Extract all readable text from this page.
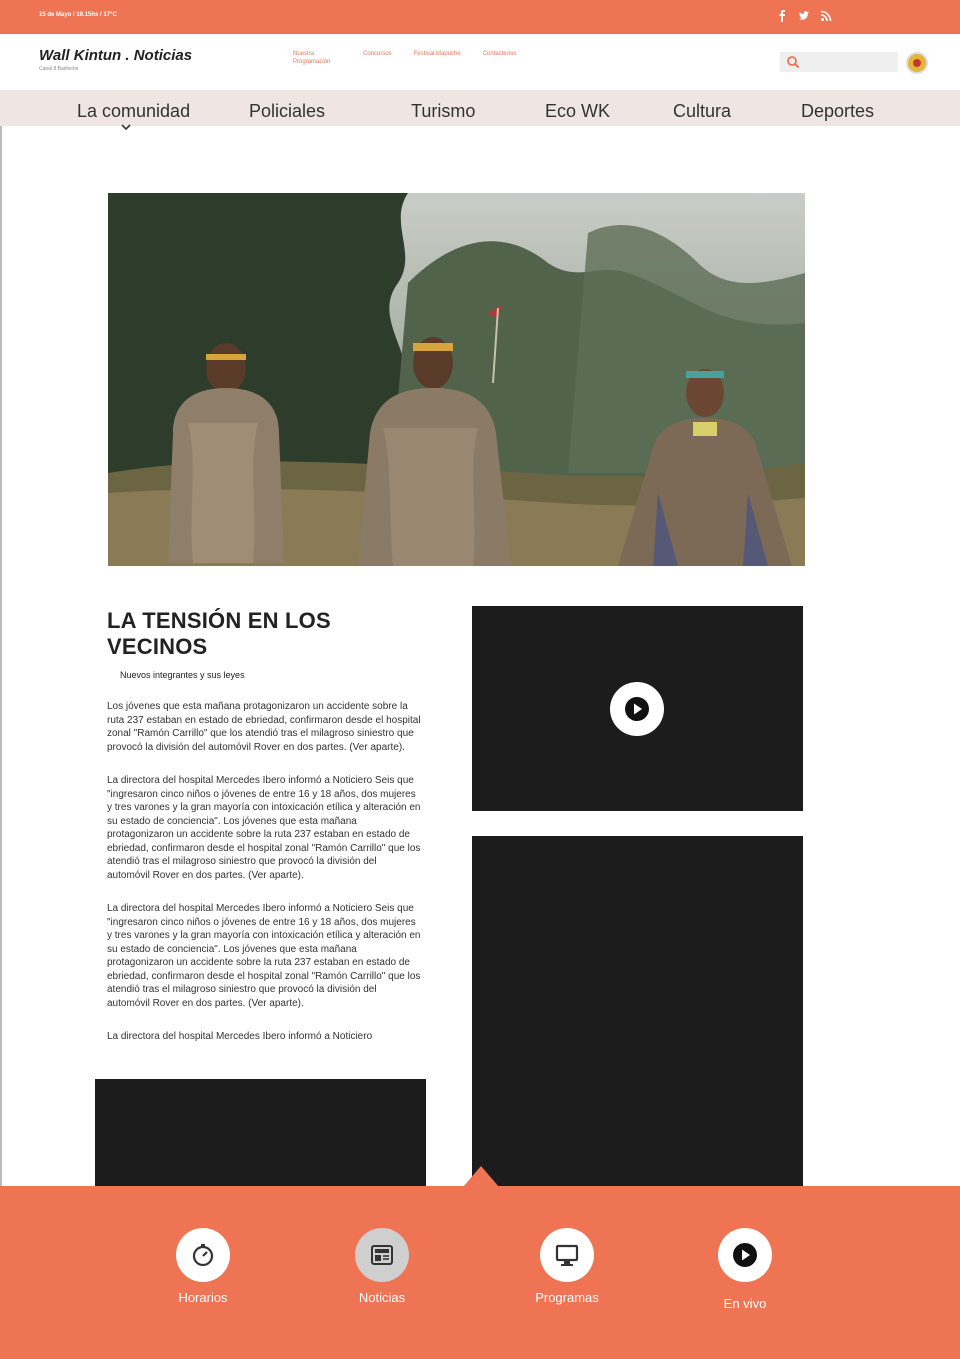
15 de Mayo / 19.15hs / 17°C
Wall Kintun . Noticias
Canal 8 Bariloche
Nuestra Programación
Concursos	Festival Mapuche	Contactenos
La comunidad	Policiales	Turismo	Eco WK	Cultura	Deportes
LA TENSIÓN EN LOS VECINOS
Nuevos integrantes y sus leyes

Los jóvenes que esta mañana protagonizaron un accidente sobre la ruta 237 estaban en estado de ebriedad, confirmaron desde el hospital zonal "Ramón Carrillo" que los atendió tras el milagroso siniestro que provocó la división del automóvil Rover en dos partes. (Ver aparte).

La directora del hospital Mercedes Ibero informó a Noticiero Seis que "ingresaron cinco niños o jóvenes de entre 16 y 18 años, dos mujeres y tres varones y la gran mayoría con intoxicación etílica y alteración en su estado de conciencia". Los jóvenes que esta mañana protagonizaron un accidente sobre la ruta 237 estaban en estado de ebriedad, confirmaron desde el hospital zonal "Ramón Carrillo" que los atendió tras el milagroso siniestro que provocó la división del automóvil Rover en dos partes. (Ver aparte).

La directora del hospital Mercedes Ibero informó a Noticiero Seis que "ingresaron cinco niños o jóvenes de entre 16 y 18 años, dos mujeres y tres varones y la gran mayoría con intoxicación etílica y alteración en su estado de conciencia". Los jóvenes que esta mañana protagonizaron un accidente sobre la ruta 237 estaban en estado de ebriedad, confirmaron desde el hospital zonal "Ramón Carrillo" que los atendió tras el milagroso siniestro que provocó la división del automóvil Rover en dos partes. (Ver aparte).

La directora del hospital Mercedes Ibero informó a Noticiero

Horarios	Noticias	Programas	En vivo
